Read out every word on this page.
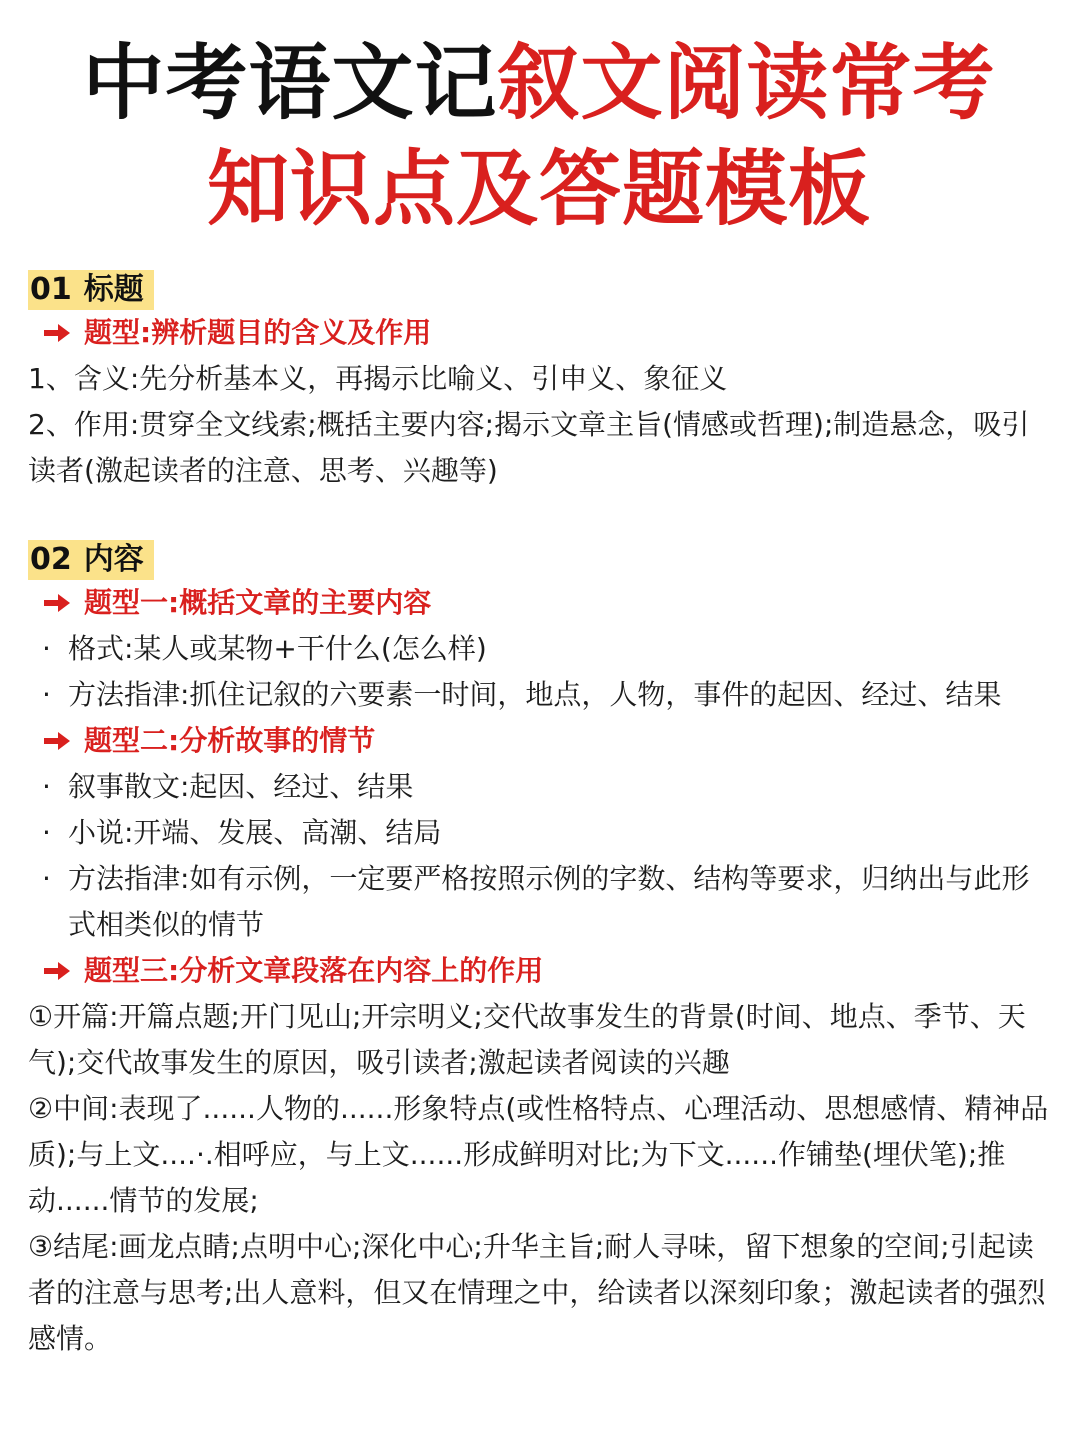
中考语文记叙文阅读常考
知识点及答题模板
01 标题
题型:辨析题目的含义及作用
1、含义:先分析基本义，再揭示比喻义、引申义、象征义
2、作用:贯穿全文线索;概括主要内容;揭示文章主旨(情感或哲理);制造悬念，吸引读者(激起读者的注意、思考、兴趣等)
02 内容
题型一:概括文章的主要内容
· 格式:某人或某物+干什么(怎么样)
· 方法指津:抓住记叙的六要素一时间，地点，人物，事件的起因、经过、结果
题型二:分析故事的情节
· 叙事散文:起因、经过、结果
· 小说:开端、发展、高潮、结局
· 方法指津:如有示例，一定要严格按照示例的字数、结构等要求，归纳出与此形式相类似的情节
题型三:分析文章段落在内容上的作用
①开篇:开篇点题;开门见山;开宗明义;交代故事发生的背景(时间、地点、季节、天气);交代故事发生的原因，吸引读者;激起读者阅读的兴趣
②中间:表现了......人物的......形象特点(或性格特点、心理活动、思想感情、精神品质);与上文....·.相呼应，与上文......形成鲜明对比;为下文......作铺垫(埋伏笔);推动......情节的发展;
③结尾:画龙点睛;点明中心;深化中心;升华主旨;耐人寻味，留下想象的空间;引起读者的注意与思考;出人意料，但又在情理之中，给读者以深刻印象；激起读者的强烈感情。
